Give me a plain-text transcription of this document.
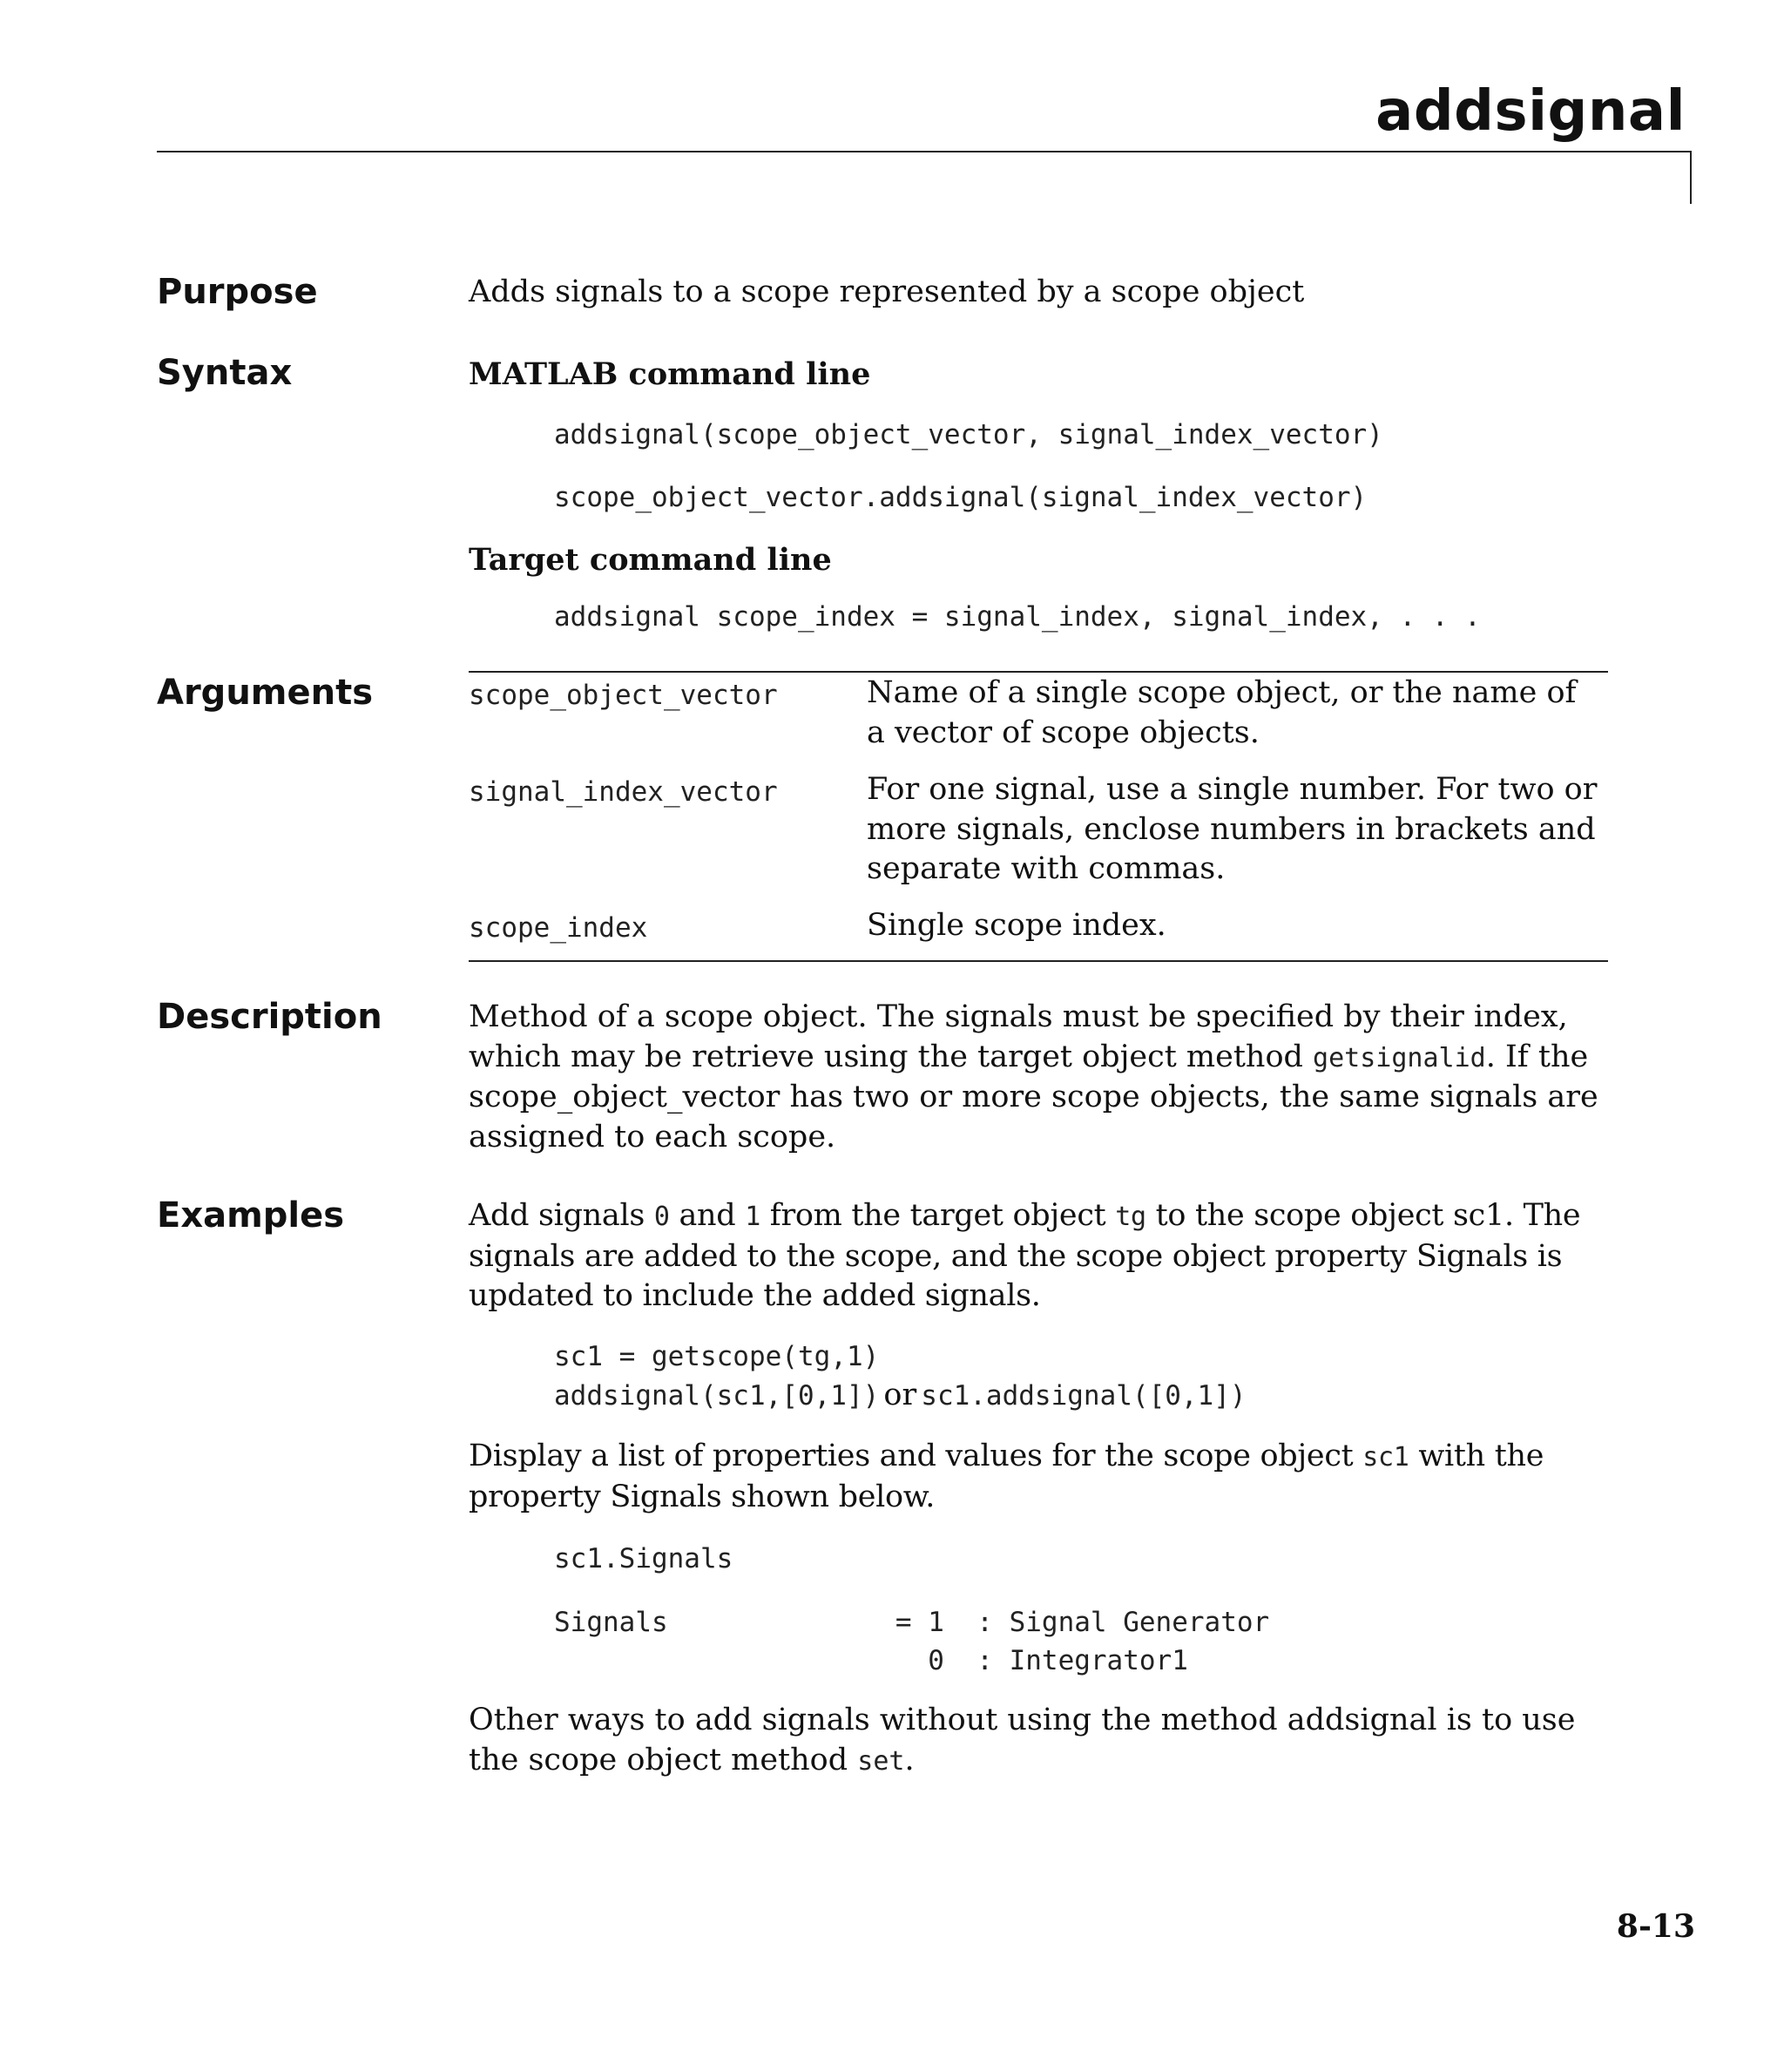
addsignal
Purpose	Adds signals to a scope represented by a scope object
Syntax	MATLAB command line
addsignal(scope_object_vector, signal_index_vector)
scope_object_vector.addsignal(signal_index_vector)
Target command line
addsignal scope_index = signal_index, signal_index, . . .
Arguments	scope_object_vector	Name of a single scope object, or the name of a vector of scope objects.
signal_index_vector	For one signal, use a single number. For two or more signals, enclose numbers in brackets and separate with commas.
scope_index	Single scope index.
Description	Method of a scope object. The signals must be specified by their index, which may be retrieve using the target object method getsignalid. If the scope_object_vector has two or more scope objects, the same signals are assigned to each scope.
Examples	Add signals 0 and 1 from the target object tg to the scope object sc1. The signals are added to the scope, and the scope object property Signals is updated to include the added signals.
sc1 = getscope(tg,1)
addsignal(sc1,[0,1]) or sc1.addsignal([0,1])
Display a list of properties and values for the scope object sc1 with the property Signals shown below.
sc1.Signals
Signals              = 1  : Signal Generator
0  : Integrator1
Other ways to add signals without using the method addsignal is to use the scope object method set.
8-13
